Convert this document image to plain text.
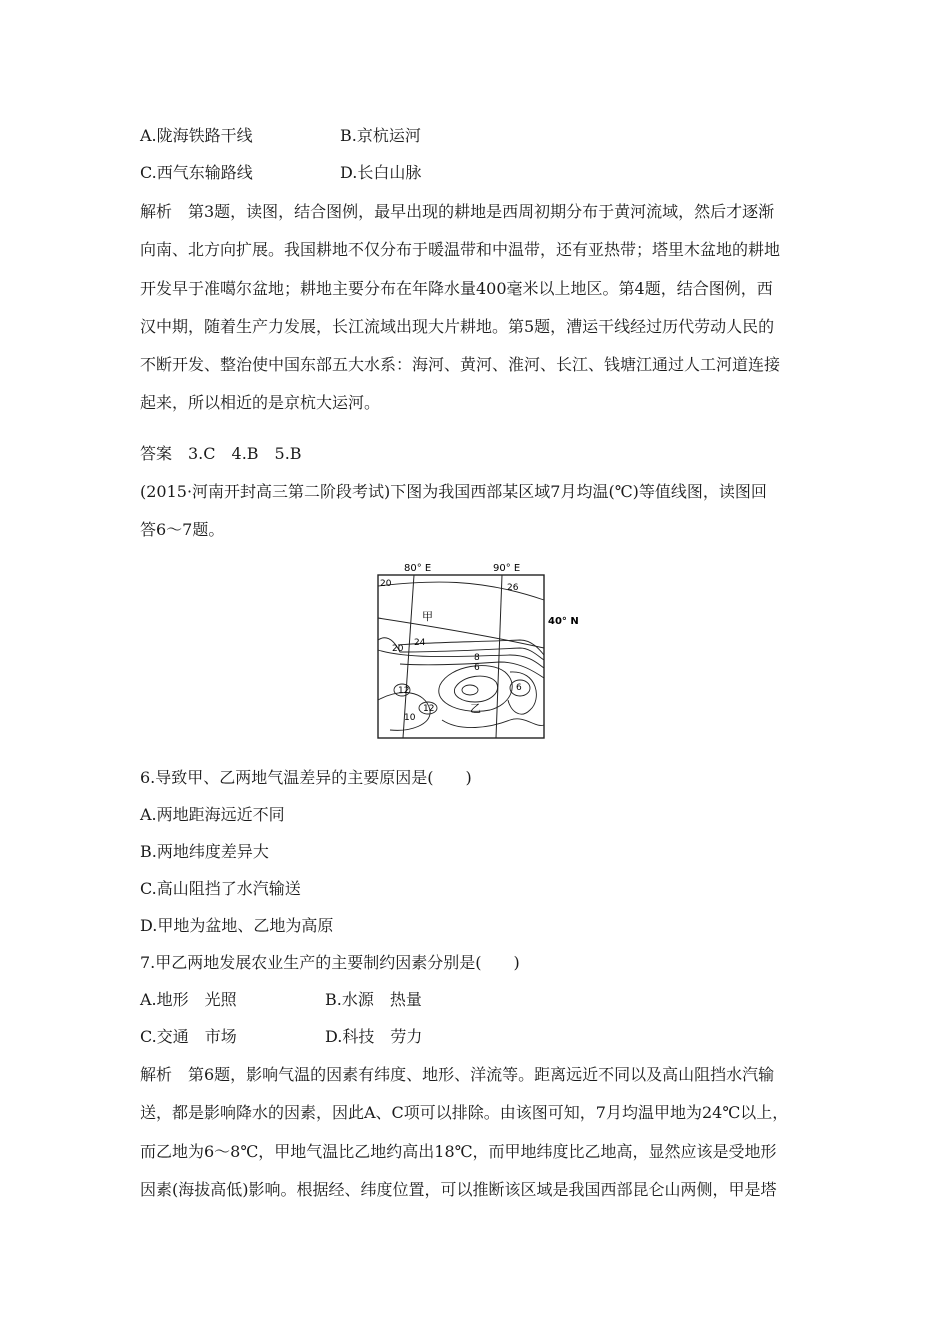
A.陇海铁路干线	B.京杭运河
C.西气东输路线	D.长白山脉
解析　第3题，读图，结合图例，最早出现的耕地是西周初期分布于黄河流域，然后才逐渐
向南、北方向扩展。我国耕地不仅分布于暖温带和中温带，还有亚热带；塔里木盆地的耕地
开发早于准噶尔盆地；耕地主要分布在年降水量400毫米以上地区。第4题，结合图例，西
汉中期，随着生产力发展，长江流域出现大片耕地。第5题，漕运干线经过历代劳动人民的
不断开发、整治使中国东部五大水系：海河、黄河、淮河、长江、钱塘江通过人工河道连接
起来，所以相近的是京杭大运河。
答案　3.C　4.B　5.B
(2015·河南开封高三第二阶段考试)下图为我国西部某区域7月均温(℃)等值线图，读图回
答6～7题。
80° E	90° E
40° N
甲
乙
20	26
24
20
8
6
6
12
12
10
6.导致甲、乙两地气温差异的主要原因是(　　)
A.两地距海远近不同
B.两地纬度差异大
C.高山阻挡了水汽输送
D.甲地为盆地、乙地为高原
7.甲乙两地发展农业生产的主要制约因素分别是(　　)
A.地形　光照	B.水源　热量
C.交通　市场	D.科技　劳力
解析　第6题，影响气温的因素有纬度、地形、洋流等。距离远近不同以及高山阻挡水汽输
送，都是影响降水的因素，因此A、C项可以排除。由该图可知，7月均温甲地为24℃以上，
而乙地为6～8℃，甲地气温比乙地约高出18℃，而甲地纬度比乙地高，显然应该是受地形
因素(海拔高低)影响。根据经、纬度位置，可以推断该区域是我国西部昆仑山两侧，甲是塔
